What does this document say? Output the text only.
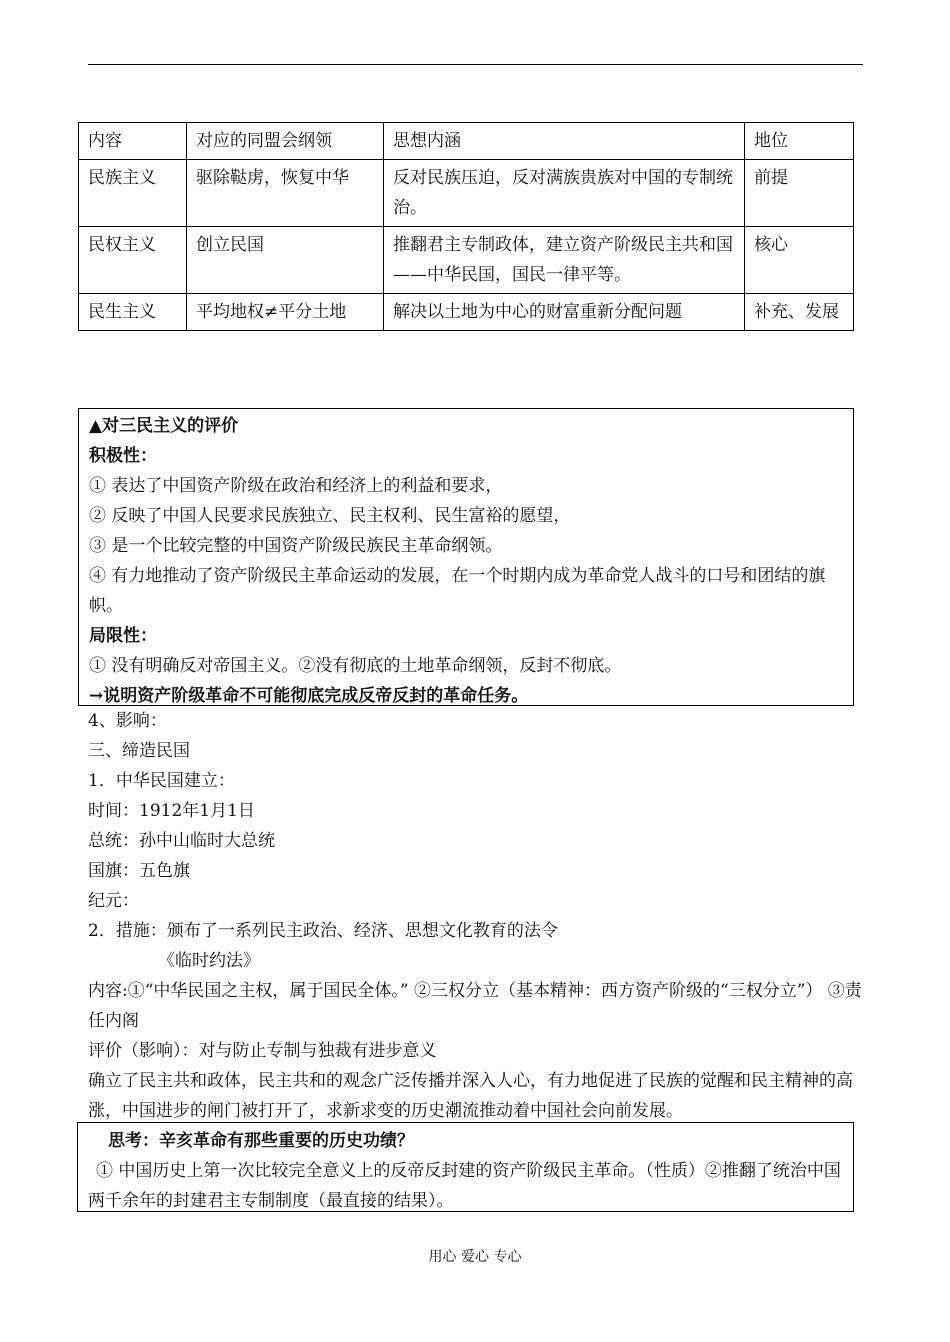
内容	对应的同盟会纲领	思想内涵	地位
民族主义	驱除鞑虏，恢复中华	反对民族压迫，反对满族贵族对中国的专制统治。	前提
民权主义	创立民国	推翻君主专制政体，建立资产阶级民主共和国——中华民国，国民一律平等。	核心
民生主义	平均地权≠平分土地	解决以土地为中心的财富重新分配问题	补充、发展

▲对三民主义的评价

积极性：

① 表达了中国资产阶级在政治和经济上的利益和要求，

② 反映了中国人民要求民族独立、民主权利、民生富裕的愿望，

③ 是一个比较完整的中国资产阶级民族民主革命纲领。

④ 有力地推动了资产阶级民主革命运动的发展，在一个时期内成为革命党人战斗的口号和团结的旗帜。

局限性：

① 没有明确反对帝国主义。②没有彻底的土地革命纲领，反封不彻底。

→说明资产阶级革命不可能彻底完成反帝反封的革命任务。

4、影响：

三、缔造民国

1．中华民国建立：

时间：1912年1月1日

总统：孙中山临时大总统

国旗：五色旗

纪元：

2．措施：颁布了一系列民主政治、经济、思想文化教育的法令

《临时约法》

内容:①“中华民国之主权，属于国民全体。” ②三权分立（基本精神：西方资产阶级的“三权分立”） ③责任内阁

评价（影响）：对与防止专制与独裁有进步意义

确立了民主共和政体，民主共和的观念广泛传播并深入人心，有力地促进了民族的觉醒和民主精神的高涨，中国进步的闸门被打开了，求新求变的历史潮流推动着中国社会向前发展。

思考：辛亥革命有那些重要的历史功绩？

① 中国历史上第一次比较完全意义上的反帝反封建的资产阶级民主革命。（性质）②推翻了统治中国两千余年的封建君主专制制度（最直接的结果）。

用心 爱心 专心
